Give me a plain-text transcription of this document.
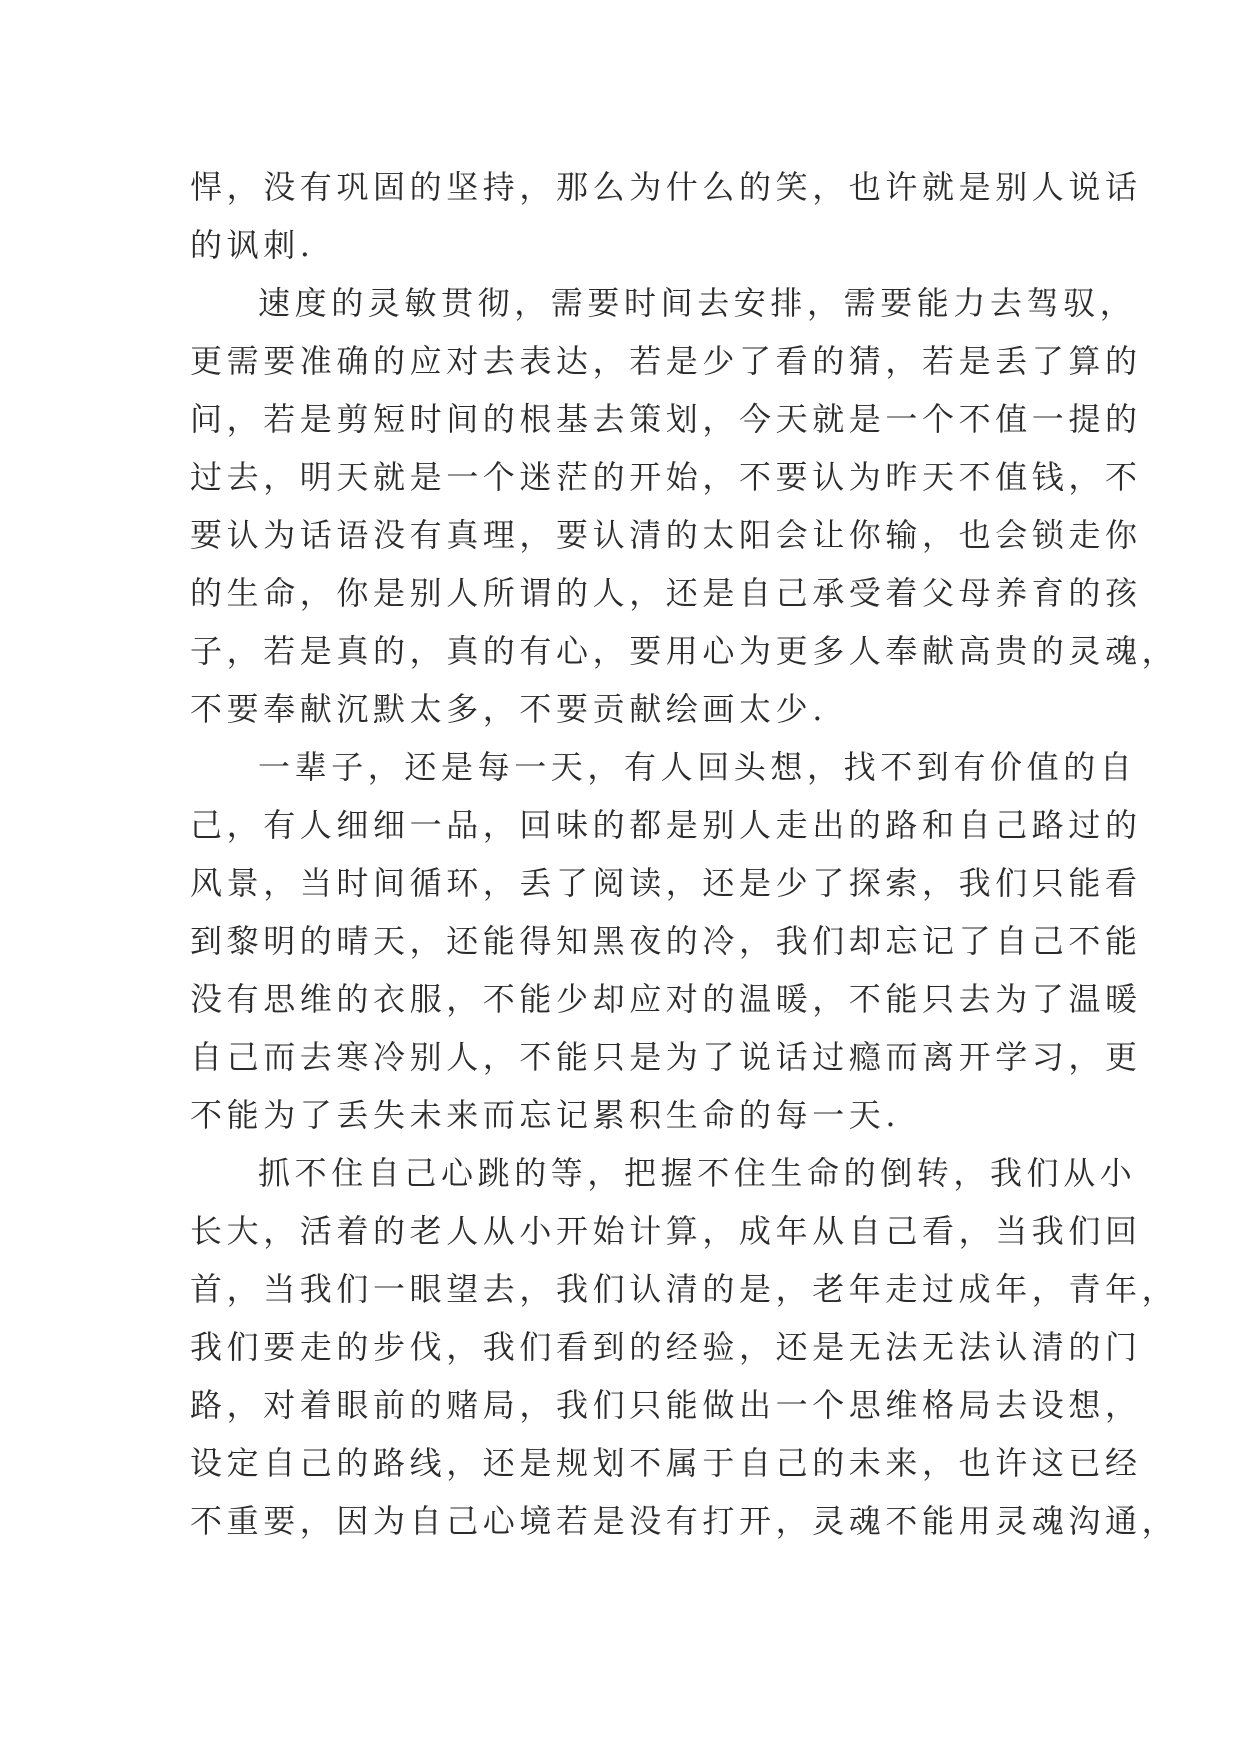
悍，没有巩固的坚持，那么为什么的笑，也许就是别人说话
的讽刺.
速度的灵敏贯彻，需要时间去安排，需要能力去驾驭，
更需要准确的应对去表达，若是少了看的猜，若是丢了算的
问，若是剪短时间的根基去策划，今天就是一个不值一提的
过去，明天就是一个迷茫的开始，不要认为昨天不值钱，不
要认为话语没有真理，要认清的太阳会让你输，也会锁走你
的生命，你是别人所谓的人，还是自己承受着父母养育的孩
子，若是真的，真的有心，要用心为更多人奉献高贵的灵魂，
不要奉献沉默太多，不要贡献绘画太少.
一辈子，还是每一天，有人回头想，找不到有价值的自
己，有人细细一品，回味的都是别人走出的路和自己路过的
风景，当时间循环，丢了阅读，还是少了探索，我们只能看
到黎明的晴天，还能得知黑夜的冷，我们却忘记了自己不能
没有思维的衣服，不能少却应对的温暖，不能只去为了温暖
自己而去寒冷别人，不能只是为了说话过瘾而离开学习，更
不能为了丢失未来而忘记累积生命的每一天.
抓不住自己心跳的等，把握不住生命的倒转，我们从小
长大，活着的老人从小开始计算，成年从自己看，当我们回
首，当我们一眼望去，我们认清的是，老年走过成年，青年，
我们要走的步伐，我们看到的经验，还是无法无法认清的门
路，对着眼前的赌局，我们只能做出一个思维格局去设想，
设定自己的路线，还是规划不属于自己的未来，也许这已经
不重要，因为自己心境若是没有打开，灵魂不能用灵魂沟通，
